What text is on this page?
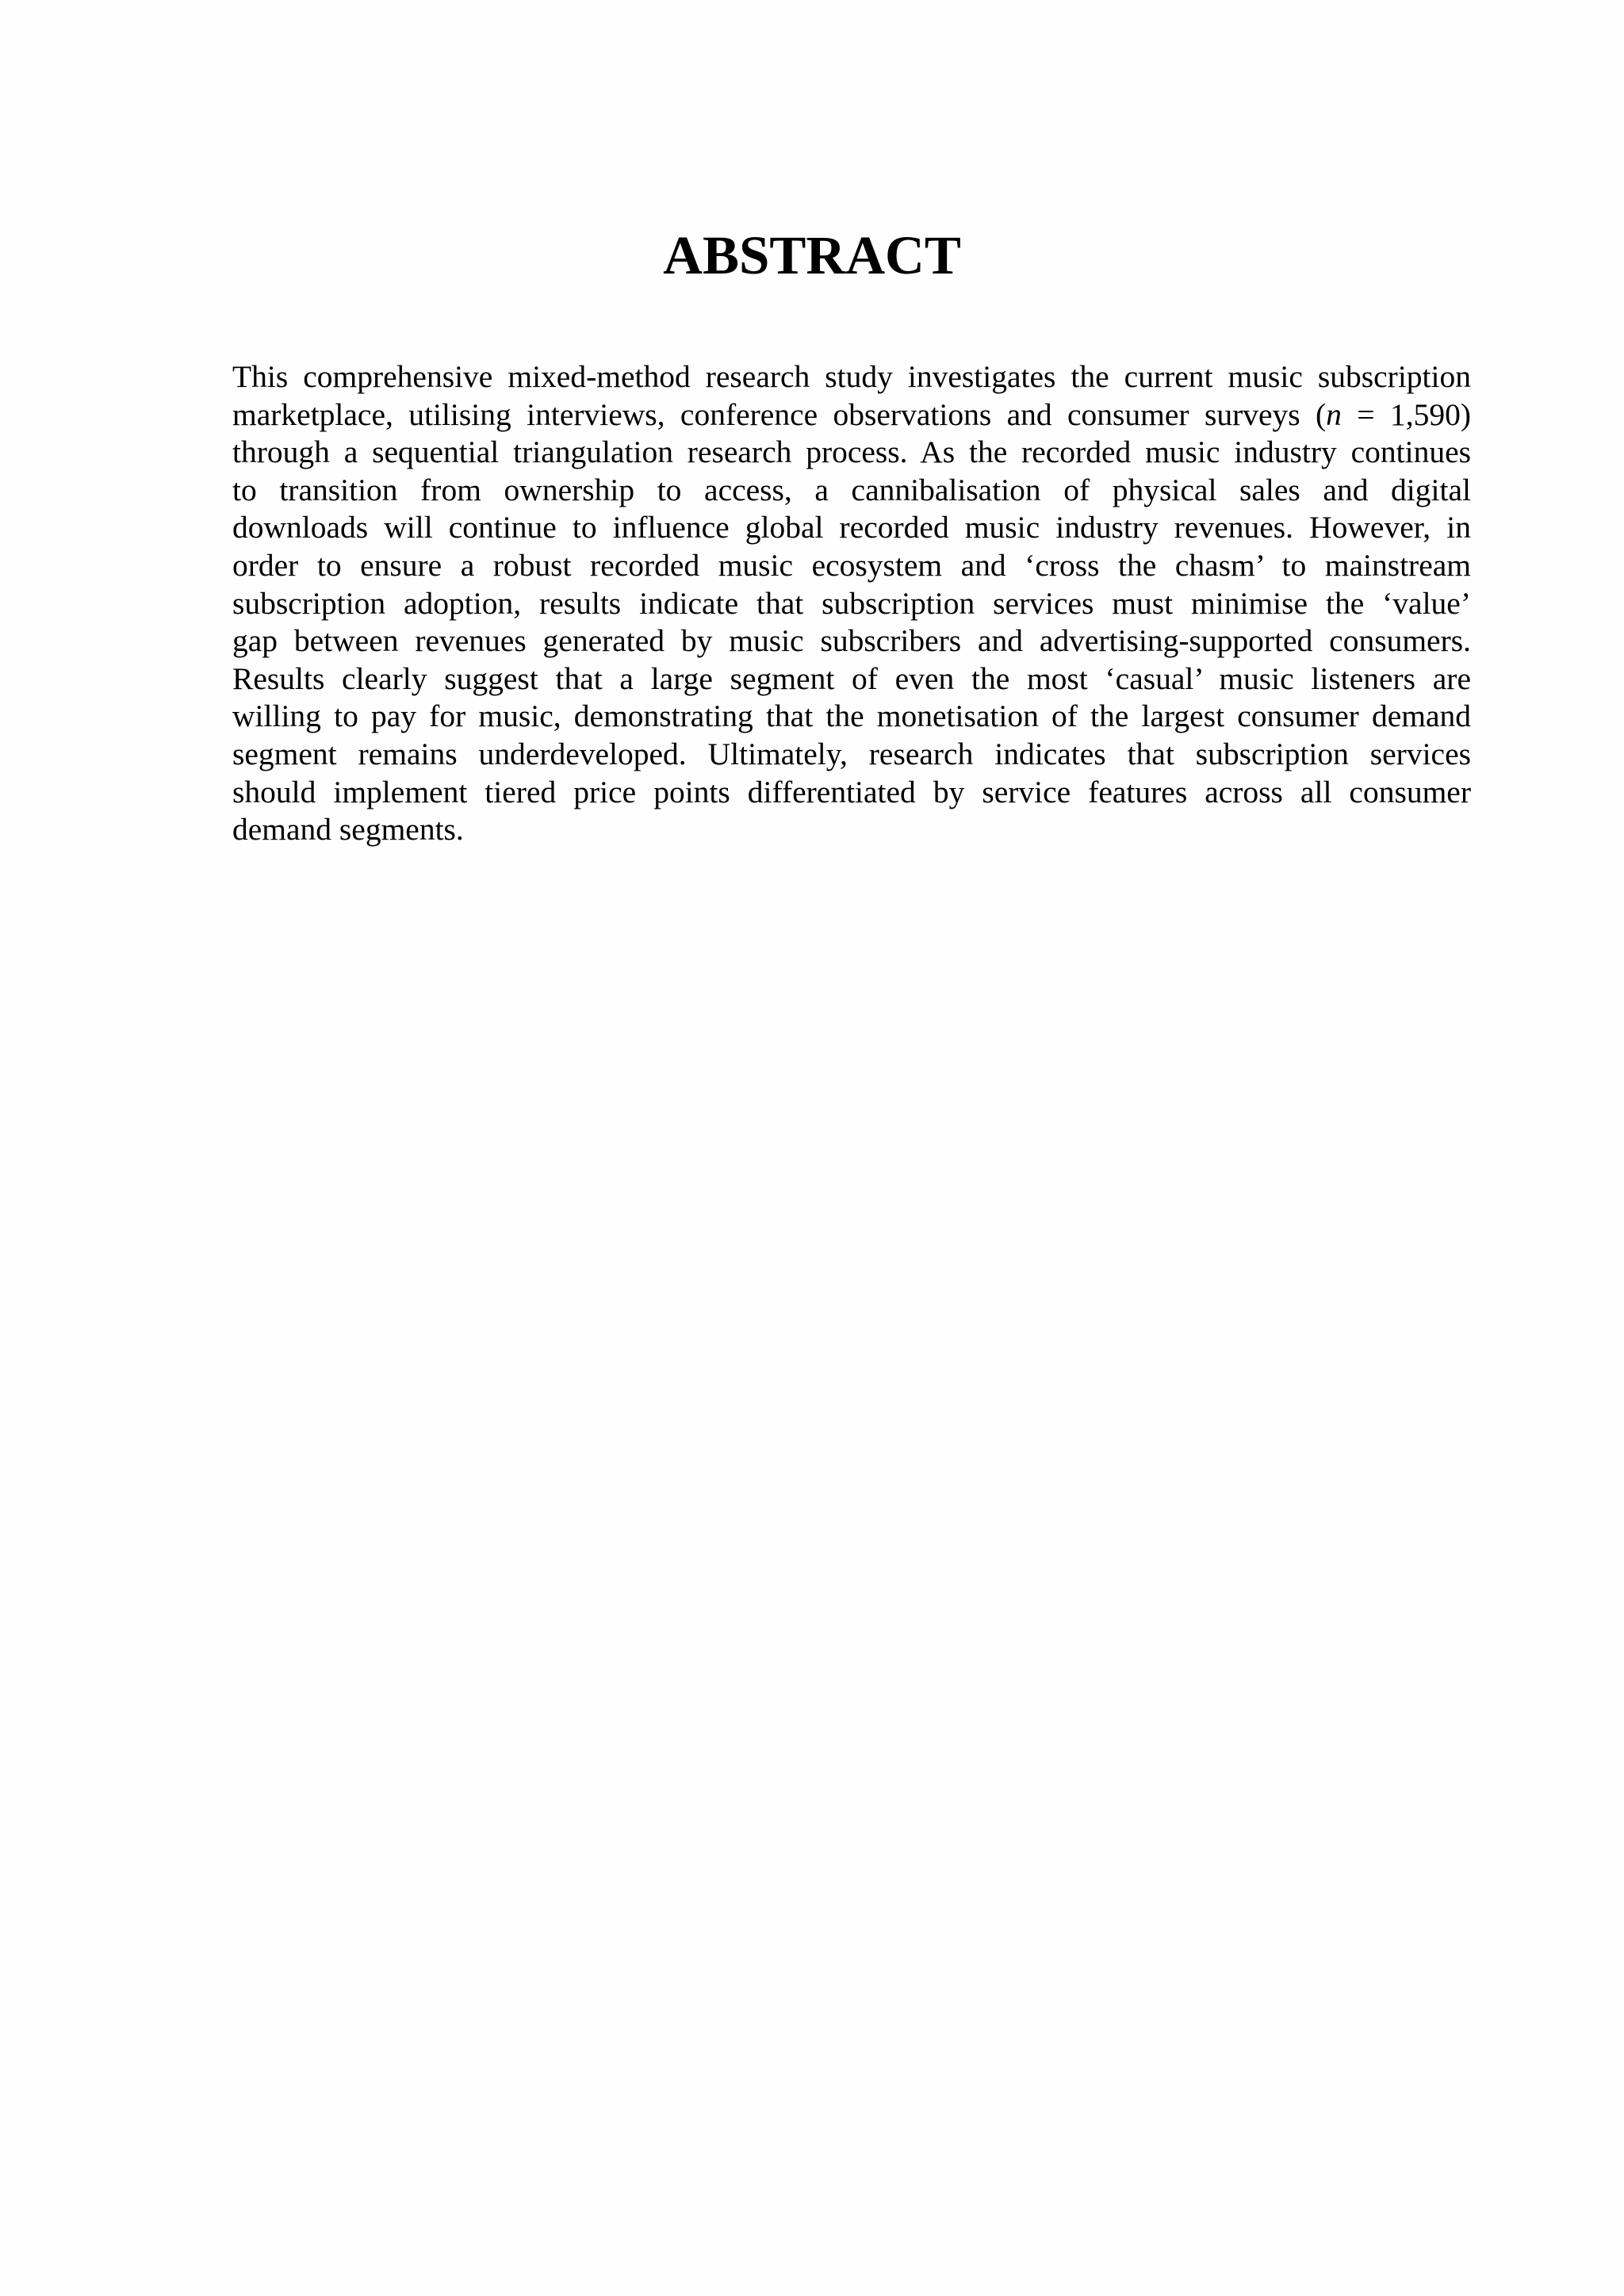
ABSTRACT
This comprehensive mixed-method research study investigates the current music subscription
marketplace, utilising interviews, conference observations and consumer surveys (n = 1,590)
through a sequential triangulation research process. As the recorded music industry continues
to transition from ownership to access, a cannibalisation of physical sales and digital
downloads will continue to influence global recorded music industry revenues. However, in
order to ensure a robust recorded music ecosystem and ‘cross the chasm’ to mainstream
subscription adoption, results indicate that subscription services must minimise the ‘value’
gap between revenues generated by music subscribers and advertising-supported consumers.
Results clearly suggest that a large segment of even the most ‘casual’ music listeners are
willing to pay for music, demonstrating that the monetisation of the largest consumer demand
segment remains underdeveloped. Ultimately, research indicates that subscription services
should implement tiered price points differentiated by service features across all consumer
demand segments.
